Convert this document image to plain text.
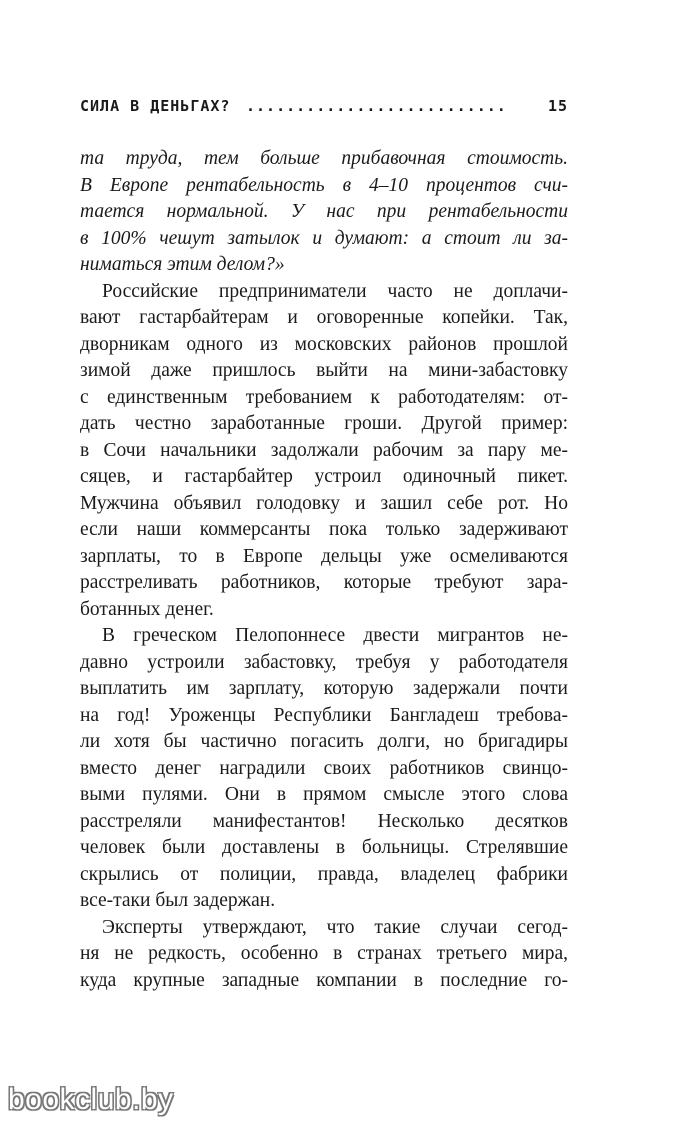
СИЛА В ДЕНЬГАХ? ..........................	15
та труда, тем больше прибавочная стоимость.
В Европе рентабельность в 4–10 процентов счи-
тается нормальной. У нас при рентабельности
в 100% чешут затылок и думают: а стоит ли за-
ниматься этим делом?»
Российские предприниматели часто не доплачи-
вают гастарбайтерам и оговоренные копейки. Так,
дворникам одного из московских районов прошлой
зимой даже пришлось выйти на мини-забастовку
с единственным требованием к работодателям: от-
дать честно заработанные гроши. Другой пример:
в Сочи начальники задолжали рабочим за пару ме-
сяцев, и гастарбайтер устроил одиночный пикет.
Мужчина объявил голодовку и зашил себе рот. Но
если наши коммерсанты пока только задерживают
зарплаты, то в Европе дельцы уже осмеливаются
расстреливать работников, которые требуют зара-
ботанных денег.
В греческом Пелопоннесе двести мигрантов не-
давно устроили забастовку, требуя у работодателя
выплатить им зарплату, которую задержали почти
на год! Уроженцы Республики Бангладеш требова-
ли хотя бы частично погасить долги, но бригадиры
вместо денег наградили своих работников свинцо-
выми пулями. Они в прямом смысле этого слова
расстреляли манифестантов! Несколько десятков
человек были доставлены в больницы. Стрелявшие
скрылись от полиции, правда, владелец фабрики
все-таки был задержан.
Эксперты утверждают, что такие случаи сегод-
ня не редкость, особенно в странах третьего мира,
куда крупные западные компании в последние го-
bookclub.by
